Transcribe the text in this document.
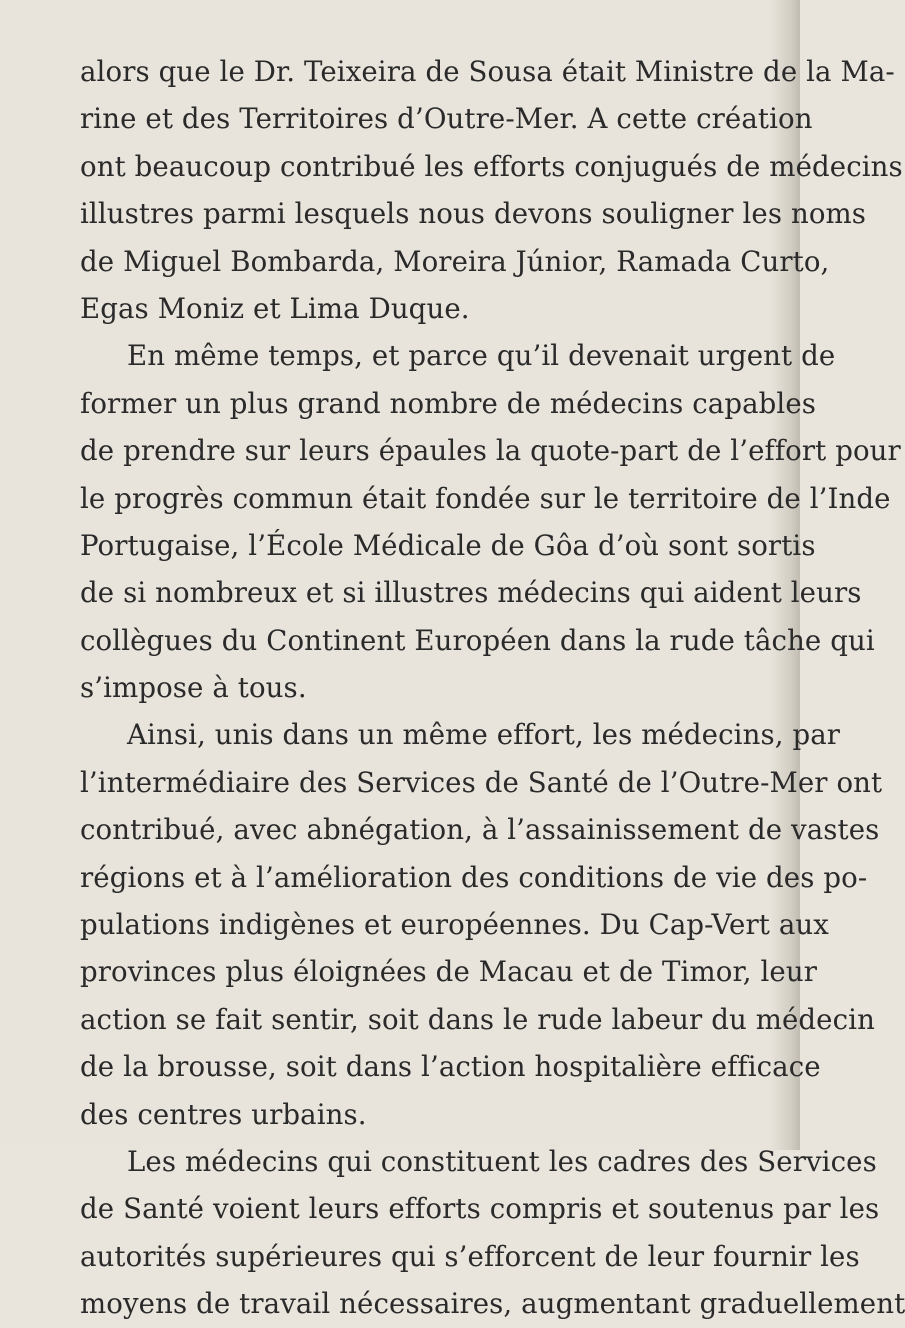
alors que le Dr. Teixeira de Sousa était Ministre de la Ma-
rine et des Territoires d’Outre-Mer. A cette création
ont beaucoup contribué les efforts conjugués de médecins
illustres parmi lesquels nous devons souligner les noms
de Miguel Bombarda, Moreira Júnior, Ramada Curto,
Egas Moniz et Lima Duque.
En même temps, et parce qu’il devenait urgent de
former un plus grand nombre de médecins capables
de prendre sur leurs épaules la quote-part de l’effort pour
le progrès commun était fondée sur le territoire de l’Inde
Portugaise, l’École Médicale de Gôa d’où sont sortis
de si nombreux et si illustres médecins qui aident leurs
collègues du Continent Européen dans la rude tâche qui
s’impose à tous.
Ainsi, unis dans un même effort, les médecins, par
l’intermédiaire des Services de Santé de l’Outre-Mer ont
contribué, avec abnégation, à l’assainissement de vastes
régions et à l’amélioration des conditions de vie des po-
pulations indigènes et européennes. Du Cap-Vert aux
provinces plus éloignées de Macau et de Timor, leur
action se fait sentir, soit dans le rude labeur du médecin
de la brousse, soit dans l’action hospitalière efficace
des centres urbains.
Les médecins qui constituent les cadres des Services
de Santé voient leurs efforts compris et soutenus par les
autorités supérieures qui s’efforcent de leur fournir les
moyens de travail nécessaires, augmentant graduellement
